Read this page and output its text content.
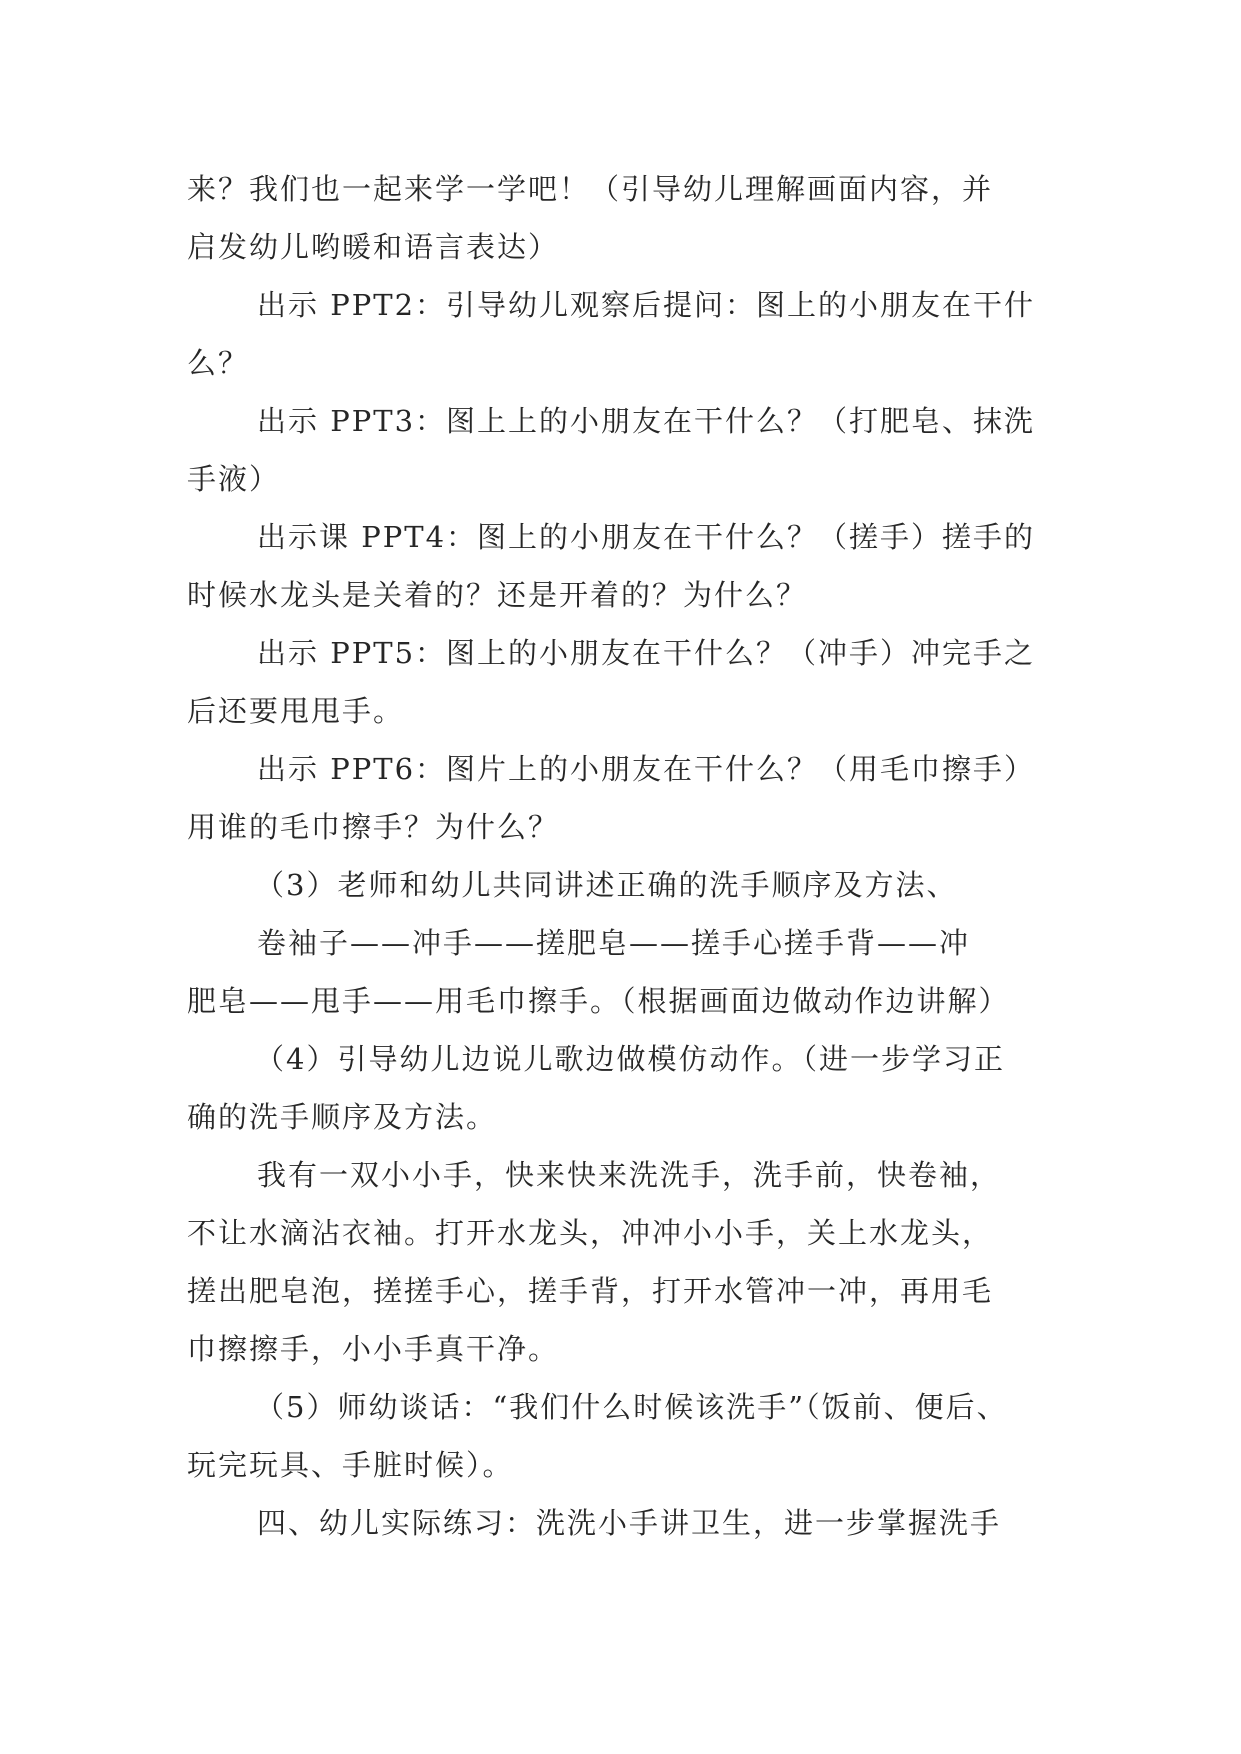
来？我们也一起来学一学吧！（引导幼儿理解画面内容，并
启发幼儿哟暖和语言表达）
出示 PPT2：引导幼儿观察后提问：图上的小朋友在干什
么？
出示 PPT3：图上上的小朋友在干什么？（打肥皂、抹洗
手液）
出示课 PPT4：图上的小朋友在干什么？（搓手）搓手的
时候水龙头是关着的？还是开着的？为什么？
出示 PPT5：图上的小朋友在干什么？（冲手）冲完手之
后还要甩甩手。
出示 PPT6：图片上的小朋友在干什么？（用毛巾擦手）
用谁的毛巾擦手？为什么？
（3）老师和幼儿共同讲述正确的洗手顺序及方法、
卷袖子——冲手——搓肥皂——搓手心搓手背——冲
肥皂——甩手——用毛巾擦手。（根据画面边做动作边讲解）
（4）引导幼儿边说儿歌边做模仿动作。（进一步学习正
确的洗手顺序及方法。
我有一双小小手，快来快来洗洗手，洗手前，快卷袖，
不让水滴沾衣袖。打开水龙头，冲冲小小手，关上水龙头，
搓出肥皂泡，搓搓手心，搓手背，打开水管冲一冲，再用毛
巾擦擦手，小小手真干净。
（5）师幼谈话：“我们什么时候该洗手”（饭前、便后、
玩完玩具、手脏时候）。
四、幼儿实际练习：洗洗小手讲卫生，进一步掌握洗手
